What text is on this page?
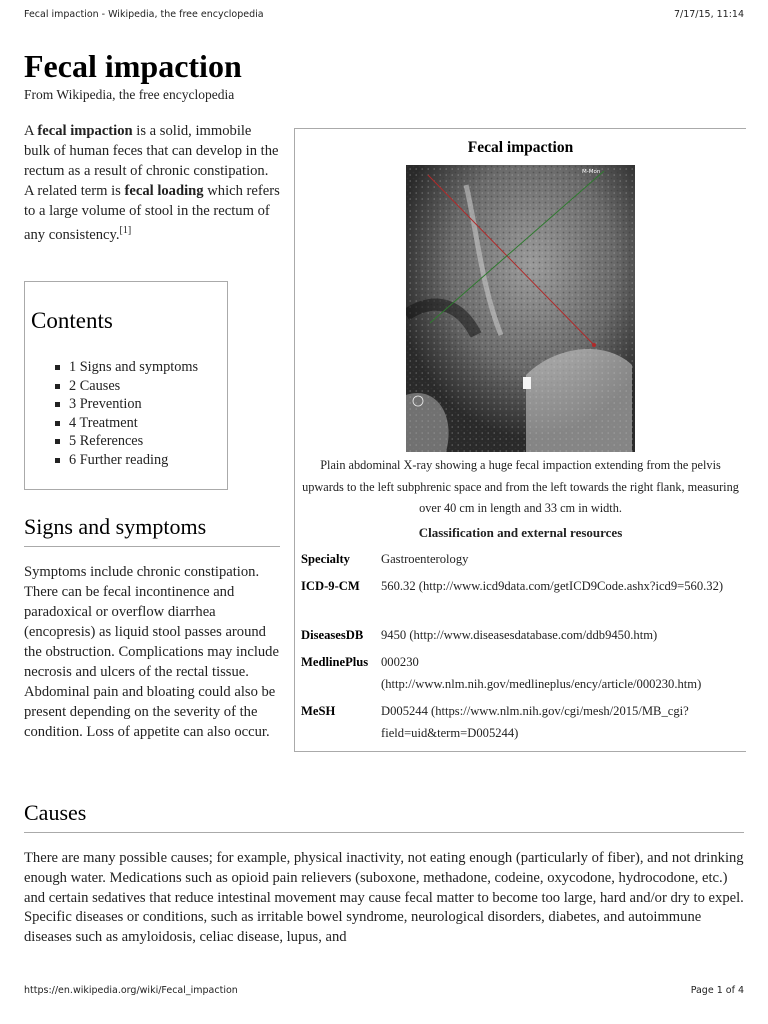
Fecal impaction - Wikipedia, the free encyclopedia	7/17/15, 11:14
Fecal impaction
From Wikipedia, the free encyclopedia

A fecal impaction is a solid, immobile bulk of human feces that can develop in the rectum as a result of chronic constipation. A related term is fecal loading which refers to a large volume of stool in the rectum of any consistency.[1]

Contents
1 Signs and symptoms
2 Causes
3 Prevention
4 Treatment
5 References
6 Further reading
Signs and symptoms

Symptoms include chronic constipation. There can be fecal incontinence and paradoxical or overflow diarrhea (encopresis) as liquid stool passes around the obstruction. Complications may include necrosis and ulcers of the rectal tissue. Abdominal pain and bloating could also be present depending on the severity of the condition. Loss of appetite can also occur.

Causes

There are many possible causes; for example, physical inactivity, not eating enough (particularly of fiber), and not drinking enough water. Medications such as opioid pain relievers (suboxone, methadone, codeine, oxycodone, hydrocodone, etc.) and certain sedatives that reduce intestinal movement may cause fecal matter to become too large, hard and/or dry to expel. Specific diseases or conditions, such as irritable bowel syndrome, neurological disorders, diabetes, and autoimmune diseases such as amyloidosis, celiac disease, lupus, and

Fecal impaction
M-Mon
Plain abdominal X-ray showing a huge fecal impaction extending from the pelvis upwards to the left subphrenic space and from the left towards the right flank, measuring over 40 cm in length and 33 cm in width.
Classification and external resources
Specialty Gastroenterology
ICD-9-CM 560.32 (http://www.icd9data.com/getICD9Code.ashx?icd9=560.32)
DiseasesDB 9450 (http://www.diseasesdatabase.com/ddb9450.htm)
MedlinePlus 000230 (http://www.nlm.nih.gov/medlineplus/ency/article/000230.htm)
MeSH	D005244 (https://www.nlm.nih.gov/cgi/mesh/2015/MB_cgi?field=uid&term=D005244)
https://en.wikipedia.org/wiki/Fecal_impaction	Page 1 of 4
